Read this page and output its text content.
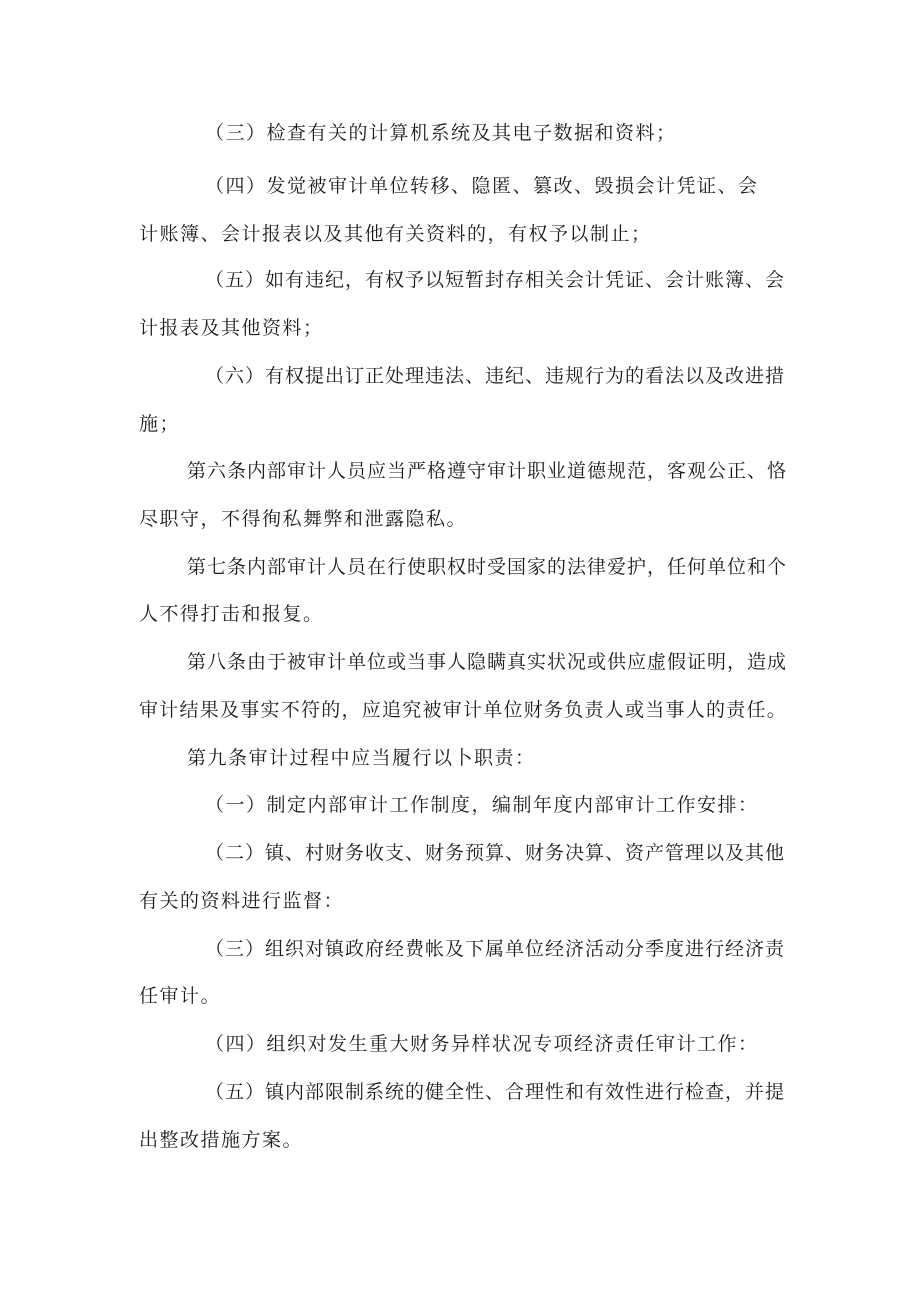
（三）检查有关的计算机系统及其电子数据和资料；

（四）发觉被审计单位转移、隐匿、篡改、毁损会计凭证、会

计账簿、会计报表以及其他有关资料的，有权予以制止；

（五）如有违纪，有权予以短暂封存相关会计凭证、会计账簿、会

计报表及其他资料；

（六）有权提出订正处理违法、违纪、违规行为的看法以及改进措

施；

第六条内部审计人员应当严格遵守审计职业道德规范，客观公正、恪

尽职守，不得徇私舞弊和泄露隐私。

第七条内部审计人员在行使职权时受国家的法律爱护，任何单位和个

人不得打击和报复。

第八条由于被审计单位或当事人隐瞒真实状况或供应虚假证明，造成

审计结果及事实不符的，应追究被审计单位财务负责人或当事人的责任。

第九条审计过程中应当履行以卜职责：

（一）制定内部审计工作制度，编制年度内部审计工作安排：

（二）镇、村财务收支、财务预算、财务决算、资产管理以及其他

有关的资料进行监督：

（三）组织对镇政府经费帐及下属单位经济活动分季度进行经济责

任审计。

（四）组织对发生重大财务异样状况专项经济责任审计工作：

（五）镇内部限制系统的健全性、合理性和有效性进行检查，并提

出整改措施方案。
